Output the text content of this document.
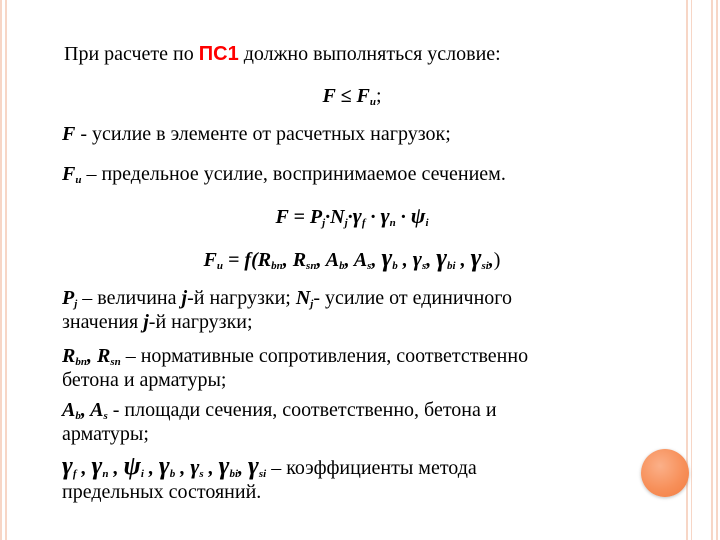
При расчете по ПС1 должно выполняться условие:
$F \le F_u$;
F - усилие в элементе от расчетных нагрузок;
$F_u$ – предельное усилие, воспринимаемое сечением.
$F = P_j\cdot N_j\cdot\gamma_f \cdot \gamma_n \cdot \psi_i$
$F_u = f(R_{bn}$, $R_{sn}$, $A_b$, $A_s$, $\gamma_b$ , $\gamma_s$, $\gamma_{bi}$ , $\gamma_{si}$,)
$P_j$ – величина j-й нагрузки; $N_j-$ усилие от единичного
значения j-й нагрузки;
$R_{bn}$, $R_{sn}$ – нормативные сопротивления, соответственно
бетона и арматуры;
$A_b$, $A_s$ - площади сечения, соответственно, бетона и
арматуры;
$\gamma_f$ , $\gamma_n$ , $\psi_i$ , $\gamma_b$ , $\gamma_s$ , $\gamma_{bi}$, $\gamma_{si}$ – коэффициенты метода
предельных состояний.
